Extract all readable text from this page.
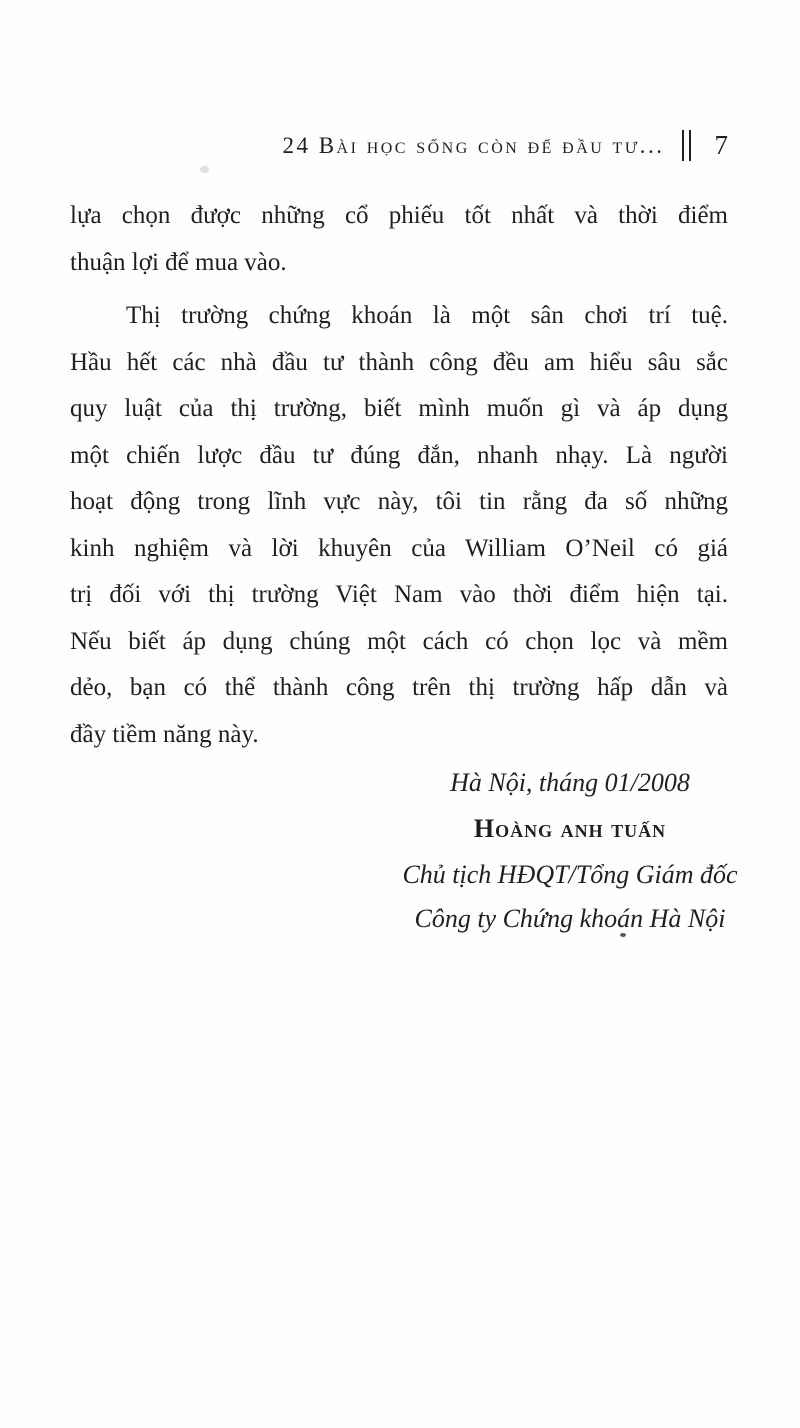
24 Bài học sống còn để đầu tư... 7
lựa chọn được những cổ phiếu tốt nhất và thời điểm
thuận lợi để mua vào.
Thị trường chứng khoán là một sân chơi trí tuệ.
Hầu hết các nhà đầu tư thành công đều am hiểu sâu sắc
quy luật của thị trường, biết mình muốn gì và áp dụng
một chiến lược đầu tư đúng đắn, nhanh nhạy. Là người
hoạt động trong lĩnh vực này, tôi tin rằng đa số những
kinh nghiệm và lời khuyên của William O’Neil có giá
trị đối với thị trường Việt Nam vào thời điểm hiện tại.
Nếu biết áp dụng chúng một cách có chọn lọc và mềm
dẻo, bạn có thể thành công trên thị trường hấp dẫn và
đầy tiềm năng này.
Hà Nội, tháng 01/2008
Hoàng anh tuấn
Chủ tịch HĐQT/Tổng Giám đốc
Công ty Chứng khoán Hà Nội
